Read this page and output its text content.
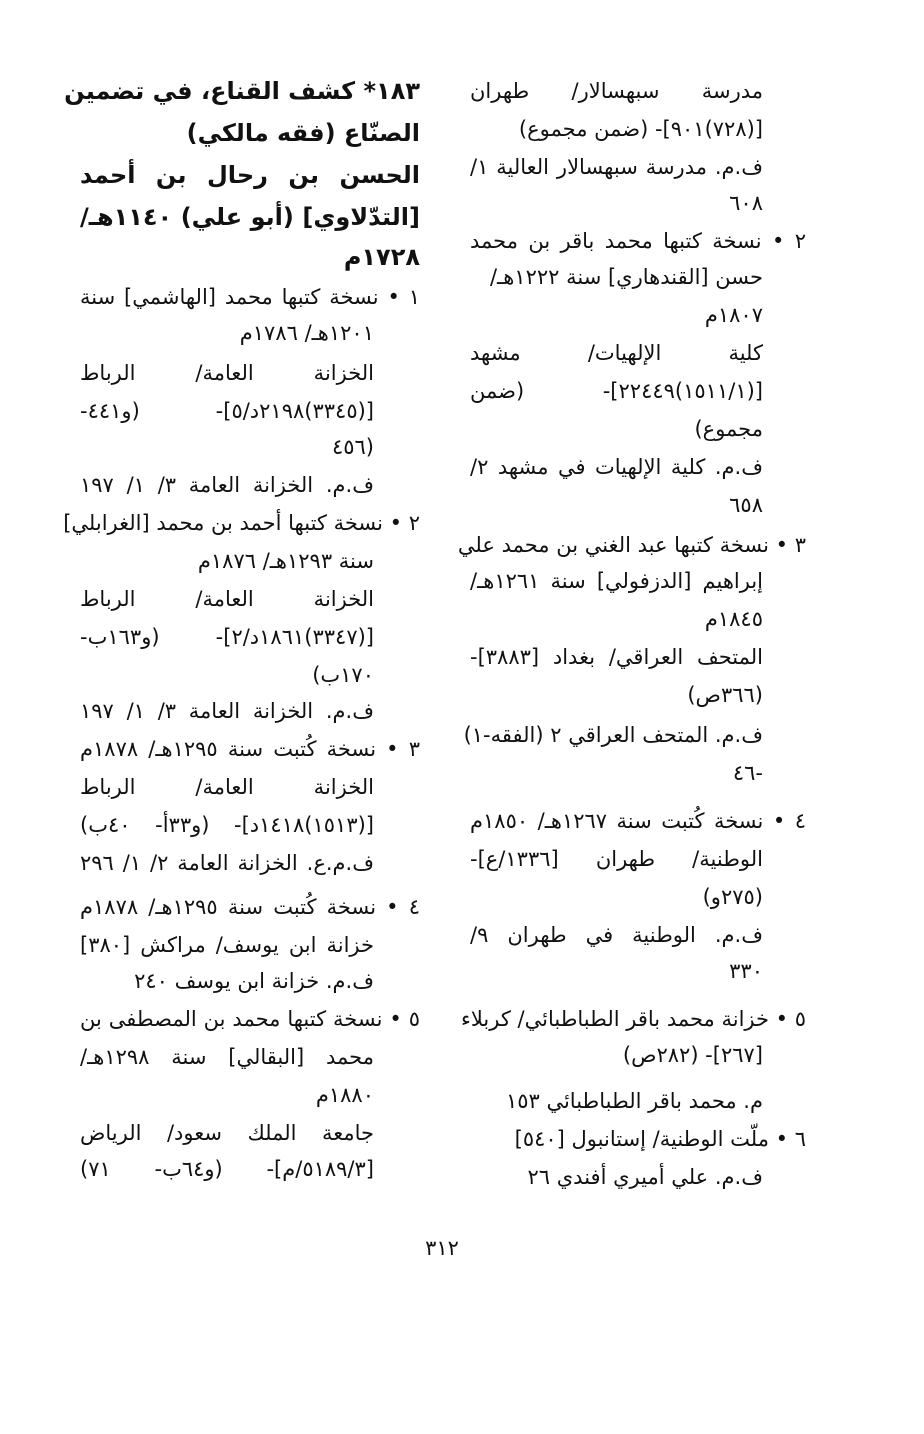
مدرسة سبهسالار/ طهران
[(٧٢٨)٩٠١]- (ضمن مجموع)
ف.م. مدرسة سبهسالار العالية ١/
٦٠٨
٢ • نسخة كتبها محمد باقر بن محمد
حسن [القندهاري] سنة ١٢٢٢هـ/
١٨٠٧م
كلية الإلهيات/ مشهد
[(١٥١١/١)٢٢٤٤٩]- (ضمن
مجموع)
ف.م. كلية الإلهيات في مشهد ٢/
٦٥٨
٣ • نسخة كتبها عبد الغني بن محمد علي
إبراهيم [الدزفولي] سنة ١٢٦١هـ/
١٨٤٥م
المتحف العراقي/ بغداد [٣٨٨٣]-
(٣٦٦ص)
ف.م. المتحف العراقي ٢ (الفقه-١)
٤٦-
٤ • نسخة كُتبت سنة ١٢٦٧هـ/ ١٨٥٠م
الوطنية/ طهران [١٣٣٦/ع]-
(٢٧٥و)
ف.م. الوطنية في طهران ٩/
٣٣٠
٥ • خزانة محمد باقر الطباطبائي/ كربلاء
[٢٦٧]- (٢٨٢ص)
م. محمد باقر الطباطبائي ١٥٣
٦ • ملّت الوطنية/ إستانبول [٥٤٠]
ف.م. علي أميري أفندي ٢٦
١٨٣* كشف القناع، في تضمين
الصنّاع (فقه مالكي)
الحسن بن رحال بن أحمد
[التدّلاوي] (أبو علي) ١١٤٠هـ/
١٧٢٨م
١ • نسخة كتبها محمد [الهاشمي] سنة
١٢٠١هـ/ ١٧٨٦م
الخزانة العامة/ الرباط
[(٣٣٤٥)٢١٩٨د/٥]- (و٤٤١-
٤٥٦)
ف.م. الخزانة العامة ٣/ ١/ ١٩٧
٢ • نسخة كتبها أحمد بن محمد [الغرابلي]
سنة ١٢٩٣هـ/ ١٨٧٦م
الخزانة العامة/ الرباط
[(٣٣٤٧)١٨٦١د/٢]- (و١٦٣ب-
١٧٠ب)
ف.م. الخزانة العامة ٣/ ١/ ١٩٧
٣ • نسخة كُتبت سنة ١٢٩٥هـ/ ١٨٧٨م
الخزانة العامة/ الرباط
[(١٥١٣)١٤١٨د]- (و٣٣أ- ٤٠ب)
ف.م.ع. الخزانة العامة ٢/ ١/ ٢٩٦
٤ • نسخة كُتبت سنة ١٢٩٥هـ/ ١٨٧٨م
خزانة ابن يوسف/ مراكش [٣٨٠]
ف.م. خزانة ابن يوسف ٢٤٠
٥ • نسخة كتبها محمد بن المصطفى بن
محمد [البقالي] سنة ١٢٩٨هـ/
١٨٨٠م
جامعة الملك سعود/ الرياض
[٥١٨٩/٣/م]- (و٦٤ب- ٧١)
٣١٢
